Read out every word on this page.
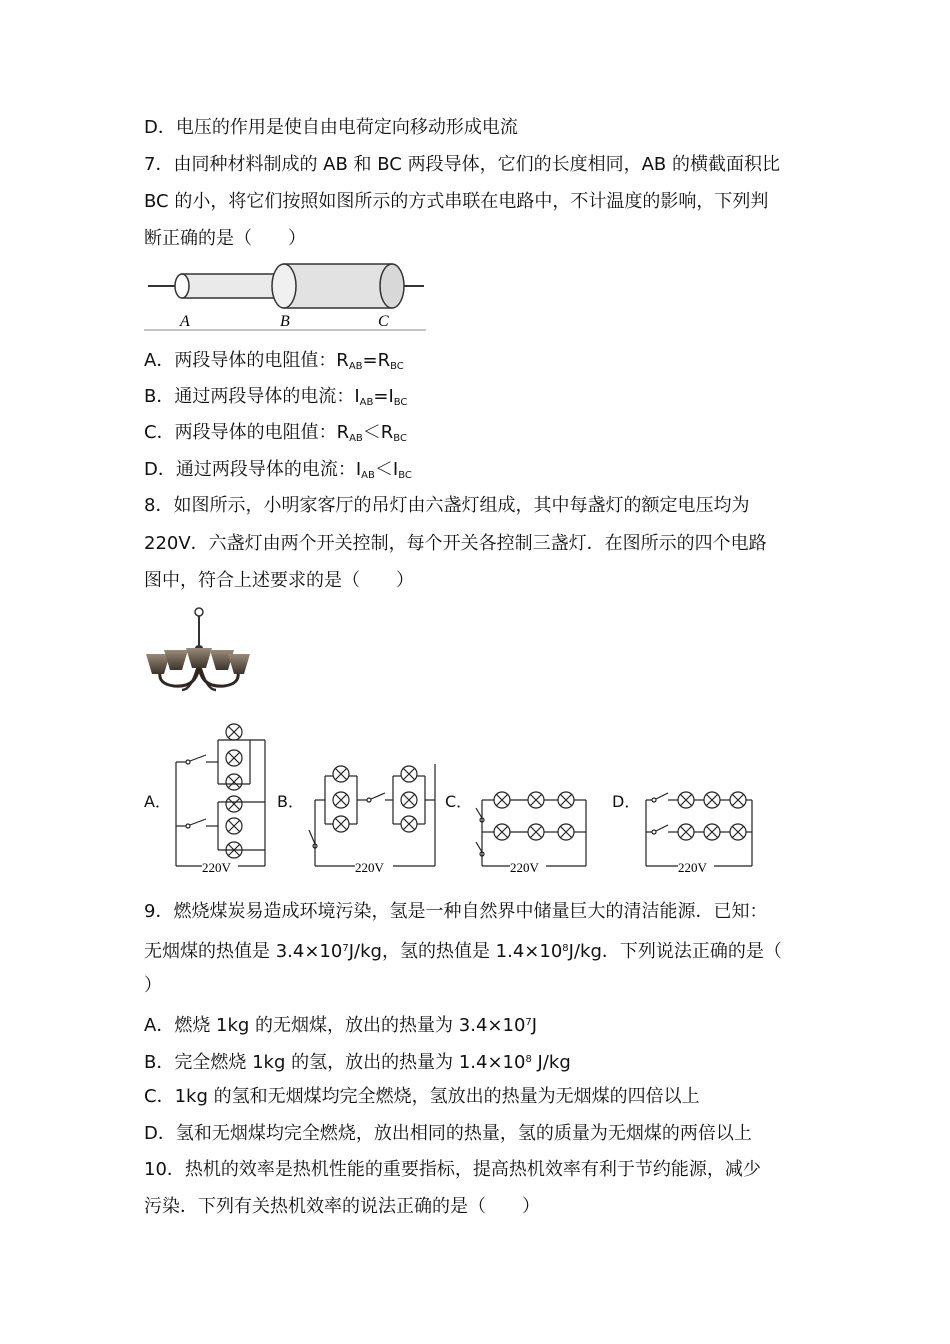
D．电压的作用是使自由电荷定向移动形成电流
7．由同种材料制成的 AB 和 BC 两段导体，它们的长度相同，AB 的横截面积比
BC 的小，将它们按照如图所示的方式串联在电路中，不计温度的影响，下列判
断正确的是（　　）
A	B	C
A．两段导体的电阻值：$R_{AB}=R_{BC}$
B．通过两段导体的电流：$I_{AB}=I_{BC}$
C．两段导体的电阻值：$R_{AB}<R_{BC}$
D．通过两段导体的电流：$I_{AB}<I_{BC}$
8．如图所示，小明家客厅的吊灯由六盏灯组成，其中每盏灯的额定电压均为
220V．六盏灯由两个开关控制，每个开关各控制三盏灯．在图所示的四个电路
图中，符合上述要求的是（　　）
A．	B．	C．	D．
220V	220V	220V	220V
9．燃烧煤炭易造成环境污染，氢是一种自然界中储量巨大的清洁能源．已知：
无烟煤的热值是 $3.4\times 10^7J/kg$，氢的热值是 $1.4\times 10^8J/kg$．下列说法正确的是（
）
A．燃烧 1kg 的无烟煤，放出的热量为 $3.4\times 10^7J$
B．完全燃烧 1kg 的氢，放出的热量为 $1.4\times 10^8$ J/kg
C．1kg 的氢和无烟煤均完全燃烧，氢放出的热量为无烟煤的四倍以上
D．氢和无烟煤均完全燃烧，放出相同的热量，氢的质量为无烟煤的两倍以上
10．热机的效率是热机性能的重要指标，提高热机效率有利于节约能源，减少
污染．下列有关热机效率的说法正确的是（　　）
